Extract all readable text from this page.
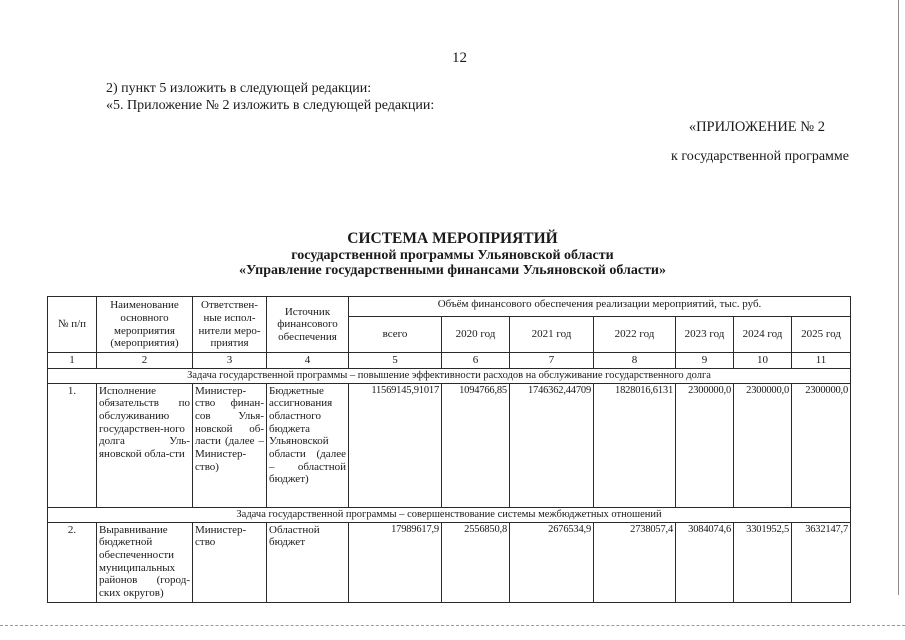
12
2) пункт 5 изложить в следующей редакции:
«5. Приложение № 2 изложить в следующей редакции:
«ПРИЛОЖЕНИЕ № 2
к государственной программе
СИСТЕМА МЕРОПРИЯТИЙ
государственной программы Ульяновской области
«Управление государственными финансами Ульяновской области»
№ п/п	Наименование основного мероприятия (мероприятия)	Ответствен-ные испол-нители меро-приятия	Источник финансового обеспечения	Объём финансового обеспечения реализации мероприятий, тыс. руб.						
				всего	2020 год	2021 год	2022 год	2023 год	2024 год	2025 год
1	2	3	4	5	6	7	8	9	10	11
Задача государственной программы – повышение эффективности расходов на обслуживание государственного долга										
1.	Исполнение обязательств по обслуживанию государствен-ного долга Уль-яновской обла-сти	Министер-ство финан-сов Улья-новской об-ласти (далее – Министер-ство)	Бюджетные ассигнования областного бюджета Ульяновской области (далее – областной бюджет)	11569145,91017	1094766,85	1746362,44709	1828016,6131	2300000,0	2300000,0	2300000,0
Задача государственной программы – совершенствование системы межбюджетных отношений										
2.	Выравнивание бюджетной обеспеченности муниципальных районов (город-ских округов)	Министер-ство	Областной бюджет	17989617,9	2556850,8	2676534,9	2738057,4	3084074,6	3301952,5	3632147,7
